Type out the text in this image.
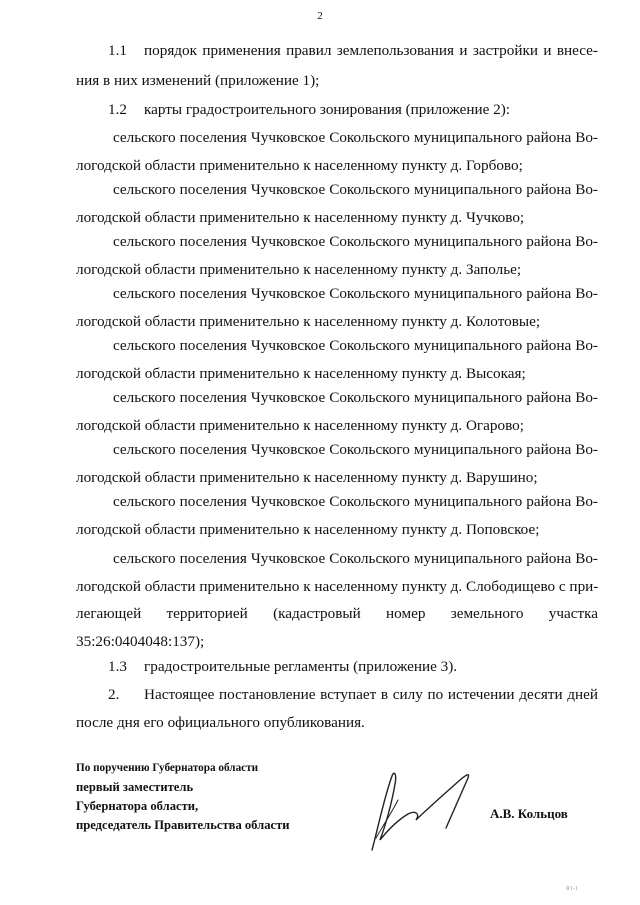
2
1.1 порядок применения правил землепользования и застройки и внесе-
ния в них изменений (приложение 1);
1.2 карты градостроительного зонирования (приложение 2):
сельского поселения Чучковское Сокольского муниципального района Во-
логодской области применительно к населенному пункту д. Горбово;
сельского поселения Чучковское Сокольского муниципального района Во-
логодской области применительно к населенному пункту д. Чучково;
сельского поселения Чучковское Сокольского муниципального района Во-
логодской области применительно к населенному пункту д. Заполье;
сельского поселения Чучковское Сокольского муниципального района Во-
логодской области применительно к населенному пункту д. Колотовые;
сельского поселения Чучковское Сокольского муниципального района Во-
логодской области применительно к населенному пункту д. Высокая;
сельского поселения Чучковское Сокольского муниципального района Во-
логодской области применительно к населенному пункту д. Огарово;
сельского поселения Чучковское Сокольского муниципального района Во-
логодской области применительно к населенному пункту д. Варушино;
сельского поселения Чучковское Сокольского муниципального района Во-
логодской области применительно к населенному пункту д. Поповское;
сельского поселения Чучковское Сокольского муниципального района Во-
логодской области применительно к населенному пункту д. Слободищево с при-
легающей территорией (кадастровый номер земельного участка
35:26:0404048:137);
1.3 градостроительные регламенты (приложение 3).
2. Настоящее постановление вступает в силу по истечении десяти дней
после дня его официального опубликования.
По поручению Губернатора области
первый заместитель
Губернатора области,
председатель Правительства области
А.В. Кольцов
R1-1
